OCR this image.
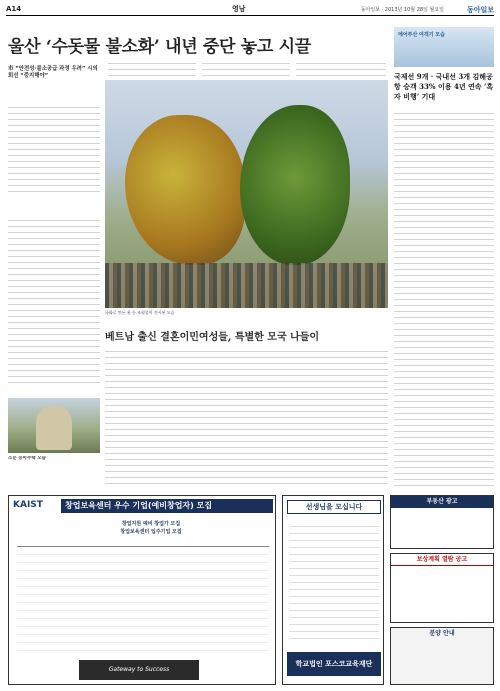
A14	영남	동아일보 · 2013년 10월 28일 월요일	동아일보
울산 ‘수돗물 불소화’ 내년 중단 놓고 시끌
市 “안전성·불소공급 과정 우려” 시의회선 “중지해야”
소문 동아주택 모습
국화로 만든 용 등 조형물이 전시된 모습
베트남 출신 결혼이민여성들, 특별한 모국 나들이
에어부산 여객기 모습
국제선 9개 · 국내선 3개 김해공항 승객 33% 이용 4년 연속 ‘흑자 비행’ 기대
KAIST	창업보육센터 우수 기업(예비창업자) 모집
창업지원 예비 창업가 모집
창업보육센터 입주기업 모집
Gateway to Success
선생님을 모십니다
학교법인 포스코교육재단
부동산 광고
보상계획 열람 공고
분양 안내
